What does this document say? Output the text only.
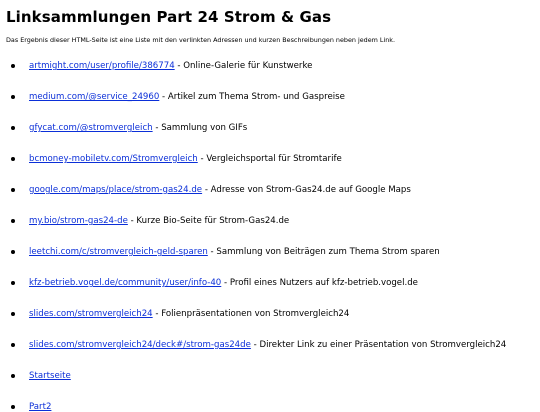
Linksammlungen Part 24 Strom & Gas

Das Ergebnis dieser HTML-Seite ist eine Liste mit den verlinkten Adressen und kurzen Beschreibungen neben jedem Link.

artmight.com/user/profile/386774 - Online-Galerie für Kunstwerke
medium.com/@service_24960 - Artikel zum Thema Strom- und Gaspreise
gfycat.com/@stromvergleich - Sammlung von GIFs
bcmoney-mobiletv.com/Stromvergleich - Vergleichsportal für Stromtarife
google.com/maps/place/strom-gas24.de - Adresse von Strom-Gas24.de auf Google Maps
my.bio/strom-gas24-de - Kurze Bio-Seite für Strom-Gas24.de
leetchi.com/c/stromvergleich-geld-sparen - Sammlung von Beiträgen zum Thema Strom sparen
kfz-betrieb.vogel.de/community/user/info-40 - Profil eines Nutzers auf kfz-betrieb.vogel.de
slides.com/stromvergleich24 - Folienpräsentationen von Stromvergleich24
slides.com/stromvergleich24/deck#/strom-gas24de - Direkter Link zu einer Präsentation von Stromvergleich24
Startseite
Part2
